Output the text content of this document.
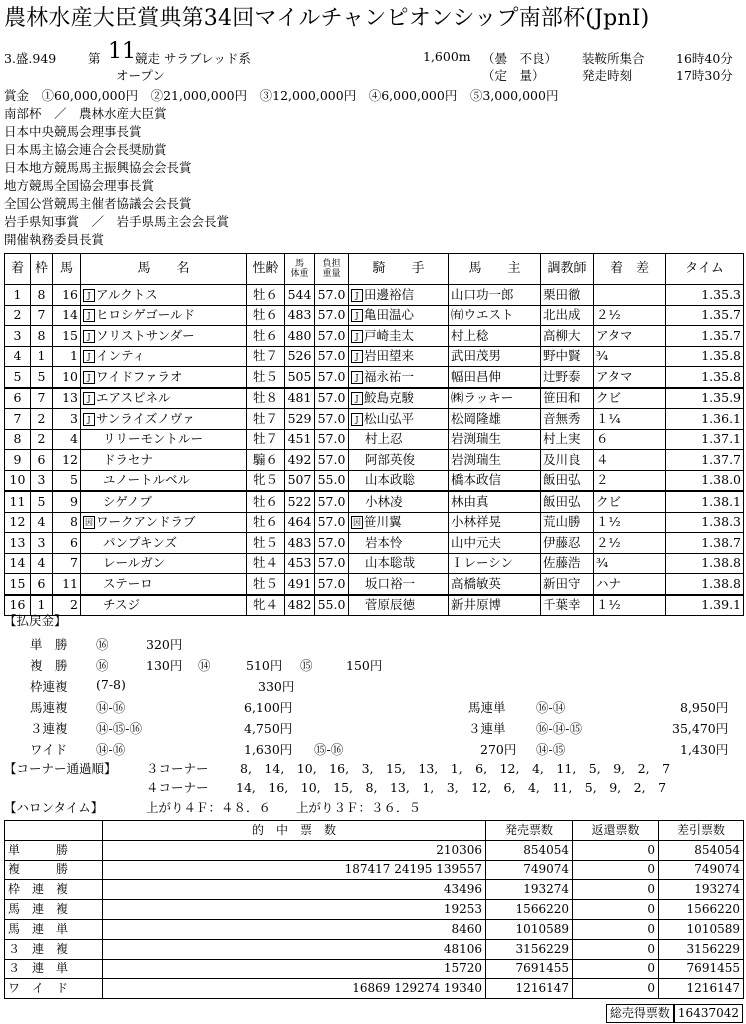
農林水産大臣賞典第34回マイルチャンピオンシップ南部杯(JpnⅠ)
3.盛.949	第 11 競走 サラブレッド系
オープン
1,600m （曇　不良）
（定　量）
装鞍所集合	16時40分
発走時刻	17時30分
賞金　①60,000,000円　②21,000,000円　③12,000,000円　④6,000,000円　⑤3,000,000円
南部杯　／　農林水産大臣賞
日本中央競馬会理事長賞
日本馬主協会連合会長奨励賞
日本地方競馬馬主振興協会会長賞
地方競馬全国協会理事長賞
全国公営競馬主催者協議会会長賞
岩手県知事賞　／　岩手県馬主会会長賞
開催執務委員長賞
着	枠	馬	馬　　名	性齢	馬
体重	負担
重量	騎　　手	馬　　主	調教師	着　差	タイム
1	8	16	J アルクトス	牡６	544	57.0	J 田邊裕信	山口功一郎	栗田徹		1.35.3
2	7	14	J ヒロシゲゴールド	牡６	483	57.0	J 亀田温心	㈲ウエスト	北出成	２½	1.35.7
3	8	15	J ソリストサンダー	牡６	480	57.0	J 戸崎圭太	村上稔	高柳大	アタマ	1.35.7
4	1	1	J インティ	牡７	526	57.0	J 岩田望来	武田茂男	野中賢	¾	1.35.8
5	5	10	J ワイドファラオ	牡５	505	57.0	J 福永祐一	幅田昌伸	辻野泰	アタマ	1.35.8
6	7	13	J エアスピネル	牡８	481	57.0	J 鮫島克駿	㈱ラッキー	笹田和	クビ	1.35.9
7	2	3	J サンライズノヴァ	牡７	529	57.0	J 松山弘平	松岡隆雄	音無秀	１¼	1.36.1
8	2	4	リリーモントルー	牡７	451	57.0	村上忍	岩渕瑞生	村上実	６	1.37.1
9	6	12	ドラセナ	騸６	492	57.0	阿部英俊	岩渕瑞生	及川良	４	1.37.7
10	3	5	ユノートルベル	牝５	507	55.0	山本政聡	橋本政信	飯田弘	２	1.38.0
11	5	9	シゲノブ	牡６	522	57.0	小林凌	林由真	飯田弘	クビ	1.38.1
12	4	8	因 ワークアンドラブ	牡６	464	57.0	因 笹川翼	小林祥晃	荒山勝	１½	1.38.3
13	3	6	パンプキンズ	牡５	483	57.0	岩本怜	山中元夫	伊藤忍	２½	1.38.7
14	4	7	レールガン	牡４	453	57.0	山本聡哉	Ｉレーシン	佐藤浩	¾	1.38.8
15	6	11	ステーロ	牡５	491	57.0	坂口裕一	高橋敏英	新田守	ハナ	1.38.8
16	1	2	チスジ	牝４	482	55.0	菅原辰徳	新井原博	千葉幸	１½	1.39.1
【払戻金】
単　勝 ⑯	320円
複　勝 ⑯	130円 ⑭	510円 ⑮	150円
枠連複 (7-8)	330円
馬連複 ⑭-⑯	6,100円	馬連単 ⑯-⑭	8,950円
３連複 ⑭-⑮-⑯	4,750円	３連単 ⑯-⑭-⑮	35,470円
ワイド ⑭-⑯	1,630円 ⑮-⑯	270円 ⑭-⑮	1,430円
【コーナー通過順】 ３コーナー	8,　14,　10,　16,　3,　15,　13,　1,　6,　12,　4,　11,　5,　9,　2,　7
４コーナー 14,　16,　10,　15,　8,　13,　1,　3,　12,　6,　4,　11,　5,　9,　2,　7
【ハロンタイム】	上がり４Ｆ：４８．６　　上がり３Ｆ：３６．５
	的　中　票　数	発売票数	返還票数	差引票数
単　　　勝	210306	854054	0	854054
複　　　勝	187417 24195 139557	749074	0	749074
枠　連　複	43496	193274	0	193274
馬　連　複	19253	1566220	0	1566220
馬　連　単	8460	1010589	0	1010589
３　連　複	48106	3156229	0	3156229
３　連　単	15720	7691455	0	7691455
ワ　イ　ド	16869 129274 19340	1216147	0	1216147
総売得票数 16437042
